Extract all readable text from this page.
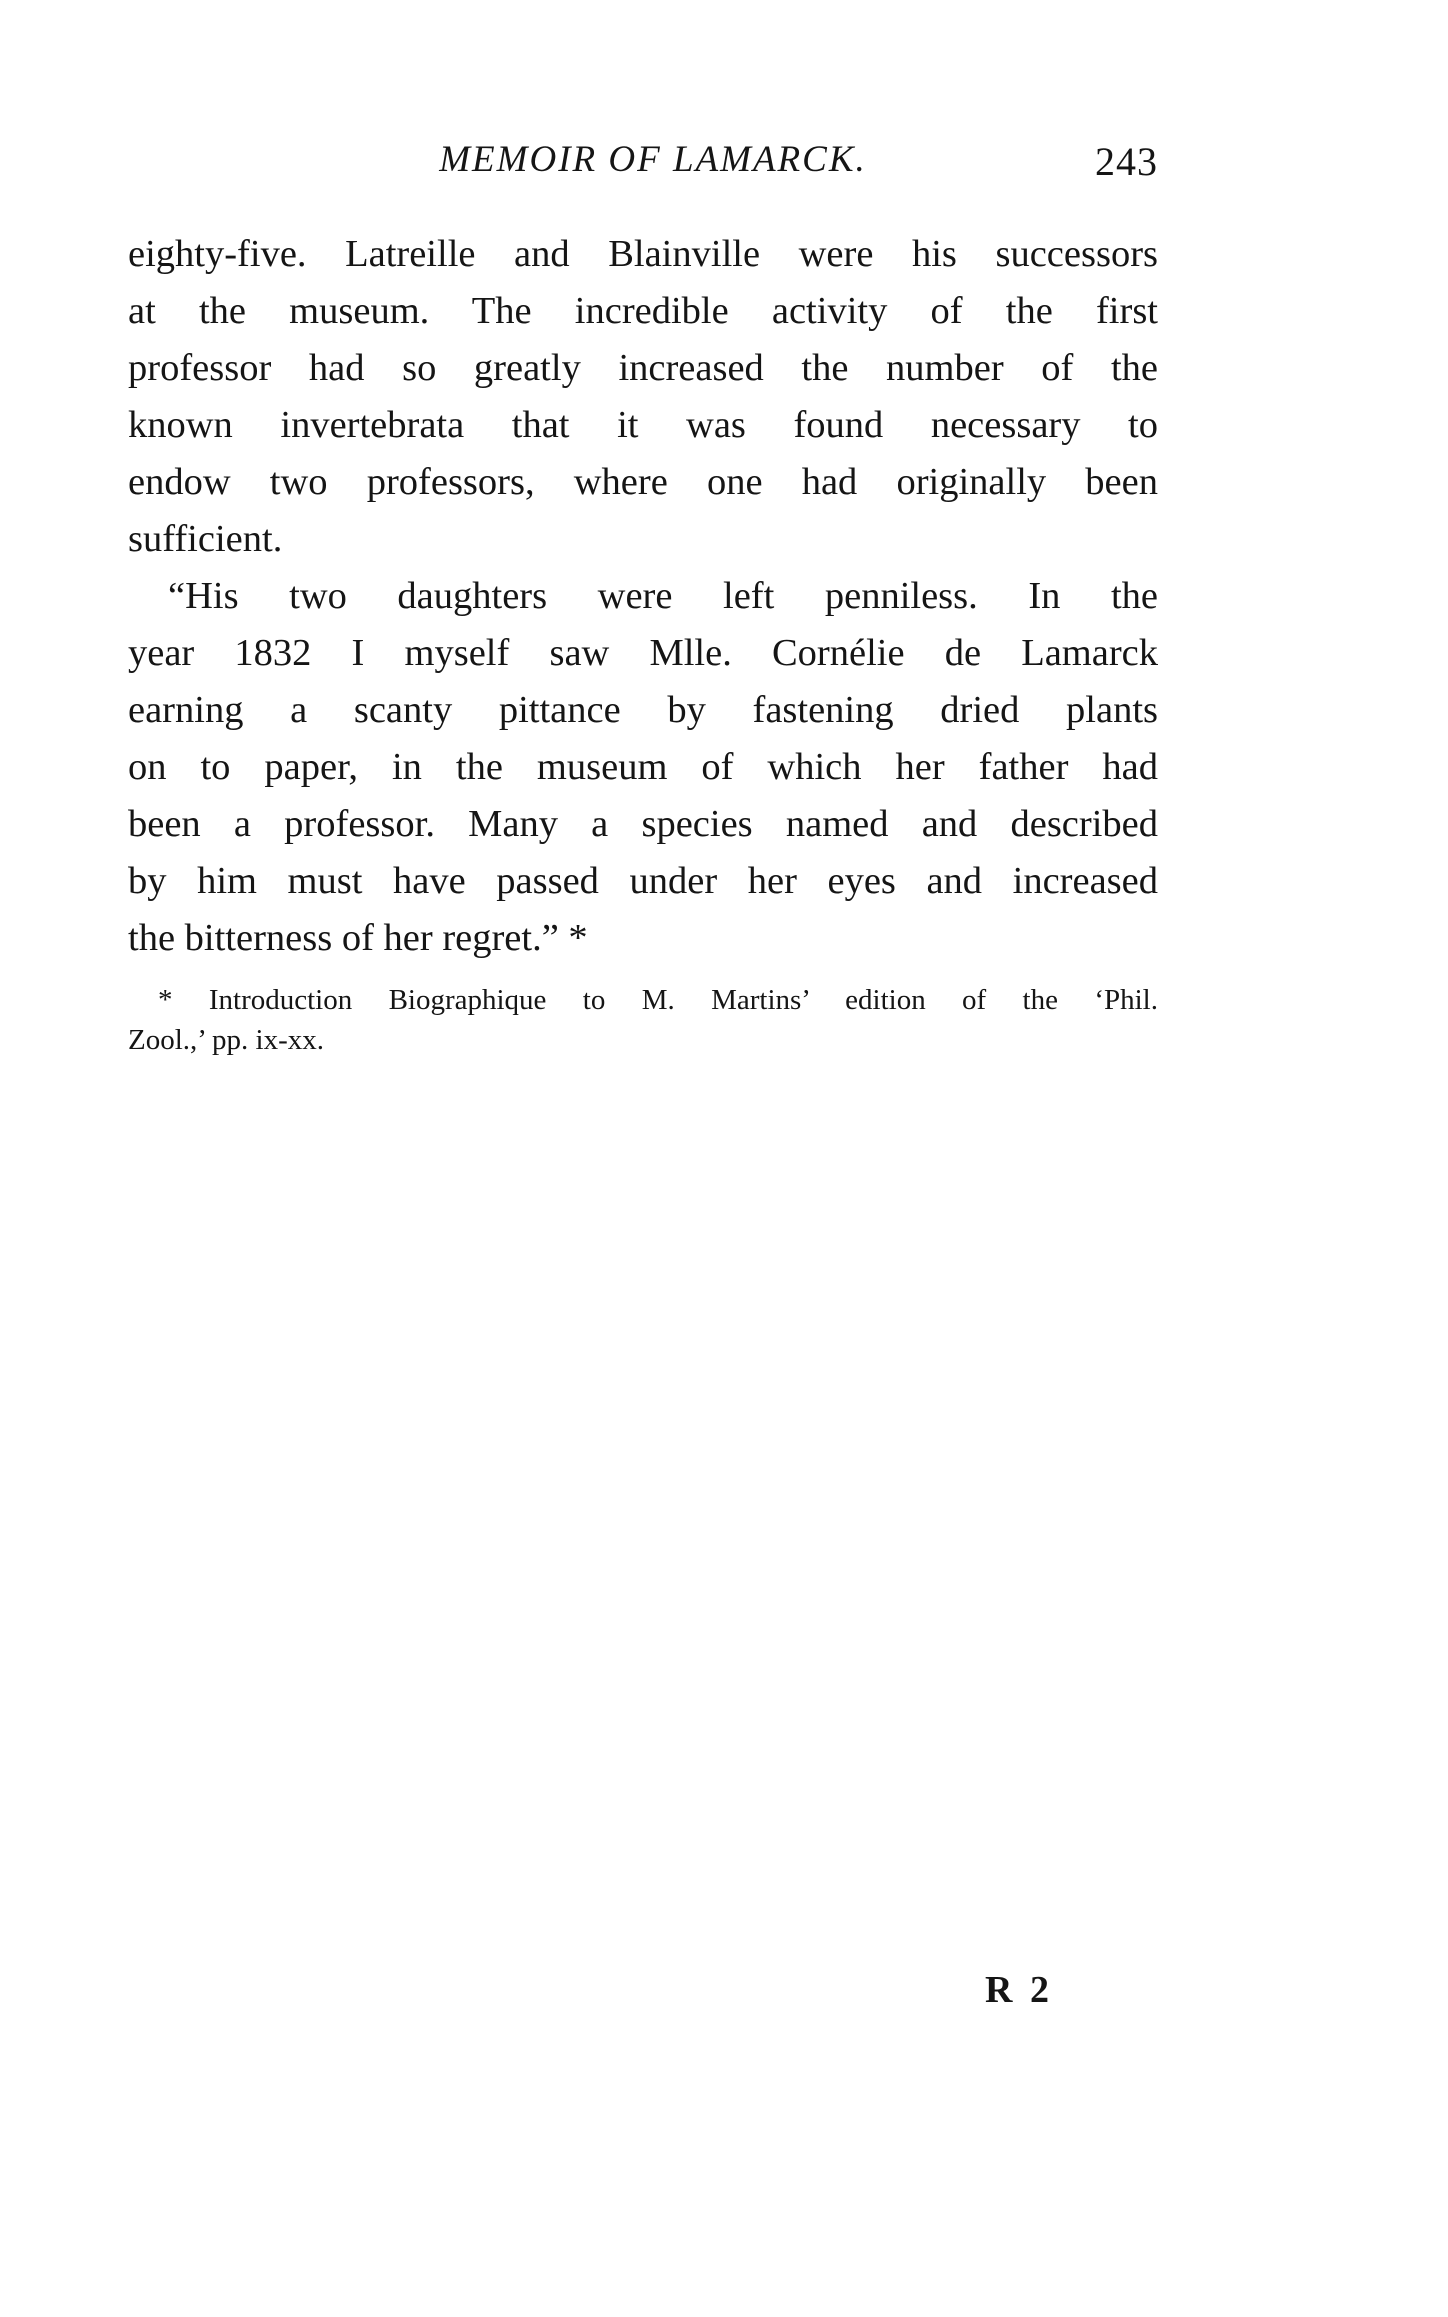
MEMOIR OF LAMARCK.	243
eighty-five. Latreille and Blainville were his successors
at the museum. The incredible activity of the first
professor had so greatly increased the number of the
known invertebrata that it was found necessary to
endow two professors, where one had originally been
sufficient.
“His two daughters were left penniless. In the
year 1832 I myself saw Mlle. Cornélie de Lamarck
earning a scanty pittance by fastening dried plants
on to paper, in the museum of which her father had
been a professor. Many a species named and described
by him must have passed under her eyes and increased
the bitterness of her regret.” *
* Introduction Biographique to M. Martins’ edition of the ‘Phil.
Zool.,’ pp. ix-xx.
R 2
